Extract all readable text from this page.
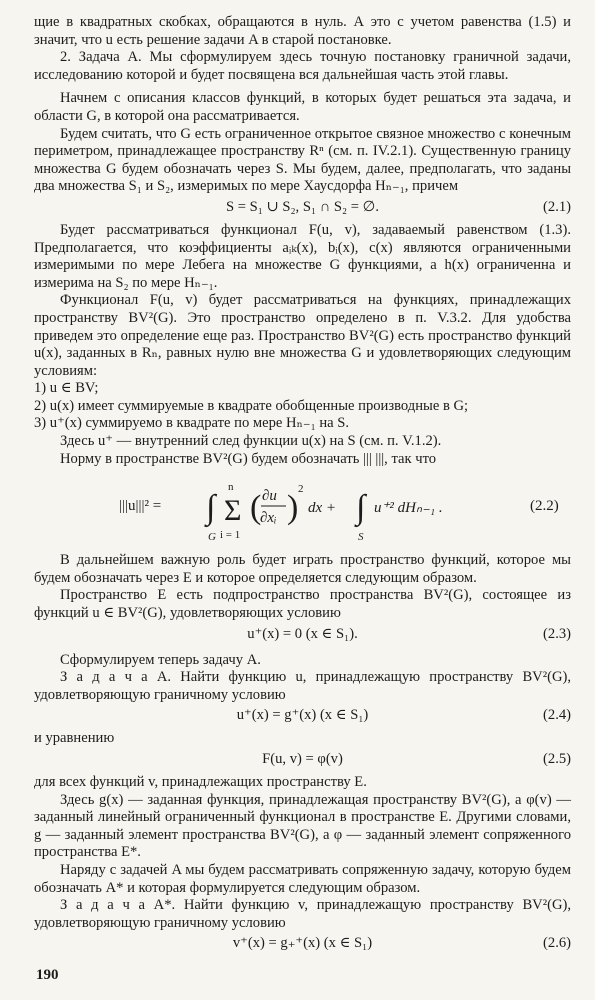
щие в квадратных скобках, обращаются в нуль. А это с учетом равенства (1.5) и значит, что u есть решение задачи A в старой постановке.

2. Задача А. Мы сформулируем здесь точную постановку граничной задачи, исследованию которой и будет посвящена вся дальнейшая часть этой главы.

Начнем с описания классов функций, в которых будет решаться эта задача, и области G, в которой она рассматривается.

Будем считать, что G есть ограниченное открытое связное множество с конечным периметром, принадлежащее пространству Rⁿ (см. п. IV.2.1). Существенную границу множества G будем обозначать через S. Мы будем, далее, предполагать, что заданы два множества S₁ и S₂, измеримых по мере Хаусдорфа Hₙ₋₁, причем

S = S₁ ∪ S₂, S₁ ∩ S₂ = ∅.	(2.1)

Будет рассматриваться функционал F(u, v), задаваемый равенством (1.3). Предполагается, что коэффициенты aᵢₖ(x), bᵢ(x), c(x) являются ограниченными измеримыми по мере Лебега на множестве G функциями, а h(x) ограниченна и измерима на S₂ по мере Hₙ₋₁.

Функционал F(u, v) будет рассматриваться на функциях, принадлежащих пространству BV²(G). Это пространство определено в п. V.3.2. Для удобства приведем это определение еще раз. Пространство BV²(G) есть пространство функций u(x), заданных в Rₙ, равных нулю вне множества G и удовлетворяющих следующим условиям:

1) u ∈ BV;

2) u(x) имеет суммируемые в квадрате обобщенные производные в G;

3) u⁺(x) суммируемо в квадрате по мере Hₙ₋₁ на S.

Здесь u⁺ — внутренний след функции u(x) на S (см. п. V.1.2).

Норму в пространстве BV²(G) будем обозначать ||| |||, так что

|||u|||² = ∫
G
n
Σ
i = 1
( ∂u
∂xᵢ ) 2
dx + ∫
S
u⁺² dHₙ₋₁ .	(2.2)

В дальнейшем важную роль будет играть пространство функций, которое мы будем обозначать через E и которое определяется следующим образом.

Пространство E есть подпространство пространства BV²(G), состоящее из функций u ∈ BV²(G), удовлетворяющих условию

u⁺(x) = 0 (x ∈ S₁).	(2.3)

Сформулируем теперь задачу A.

З а д а ч а A. Найти функцию u, принадлежащую пространству BV²(G), удовлетворяющую граничному условию

u⁺(x) = g⁺(x) (x ∈ S₁)	(2.4)

и уравнению

F(u, v) = φ(v)	(2.5)

для всех функций v, принадлежащих пространству E.

Здесь g(x) — заданная функция, принадлежащая пространству BV²(G), а φ(v) — заданный линейный ограниченный функционал в пространстве E. Другими словами, g — заданный элемент пространства BV²(G), а φ — заданный элемент сопряженного пространства E*.

Наряду с задачей A мы будем рассматривать сопряженную задачу, которую будем обозначать A* и которая формулируется следующим образом.

З а д а ч а A*. Найти функцию v, принадлежащую пространству BV²(G), удовлетворяющую граничному условию

v⁺(x) = g₊⁺(x) (x ∈ S₁)	(2.6)
190
